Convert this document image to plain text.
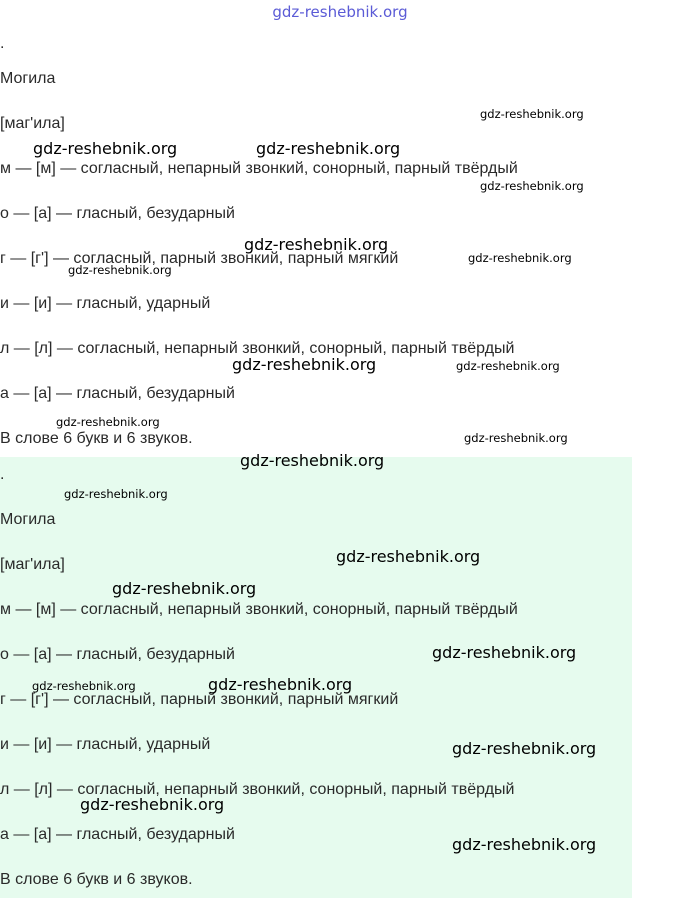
gdz-reshebnik.org
.
Могила
[маг'ила]
м — [м] — согласный, непарный звонкий, сонорный, парный твёрдый
о — [а] — гласный, безударный
г — [г'] — согласный, парный звонкий, парный мягкий
и — [и] — гласный, ударный
л — [л] — согласный, непарный звонкий, сонорный, парный твёрдый
а — [а] — гласный, безударный
В слове 6 букв и 6 звуков.
.
Могила
[маг'ила]
м — [м] — согласный, непарный звонкий, сонорный, парный твёрдый
о — [а] — гласный, безударный
г — [г'] — согласный, парный звонкий, парный мягкий
и — [и] — гласный, ударный
л — [л] — согласный, непарный звонкий, сонорный, парный твёрдый
а — [а] — гласный, безударный
В слове 6 букв и 6 звуков.
gdz-reshebnik.org
gdz-reshebnik.org	gdz-reshebnik.org
gdz-reshebnik.org
gdz-reshebnik.org
gdz-reshebnik.org
gdz-reshebnik.org
gdz-reshebnik.org	gdz-reshebnik.org
gdz-reshebnik.org
gdz-reshebnik.org
gdz-reshebnik.org
gdz-reshebnik.org
gdz-reshebnik.org
gdz-reshebnik.org
gdz-reshebnik.org
gdz-reshebnik.org
gdz-reshebnik.org
gdz-reshebnik.org
gdz-reshebnik.org
gdz-reshebnik.org
